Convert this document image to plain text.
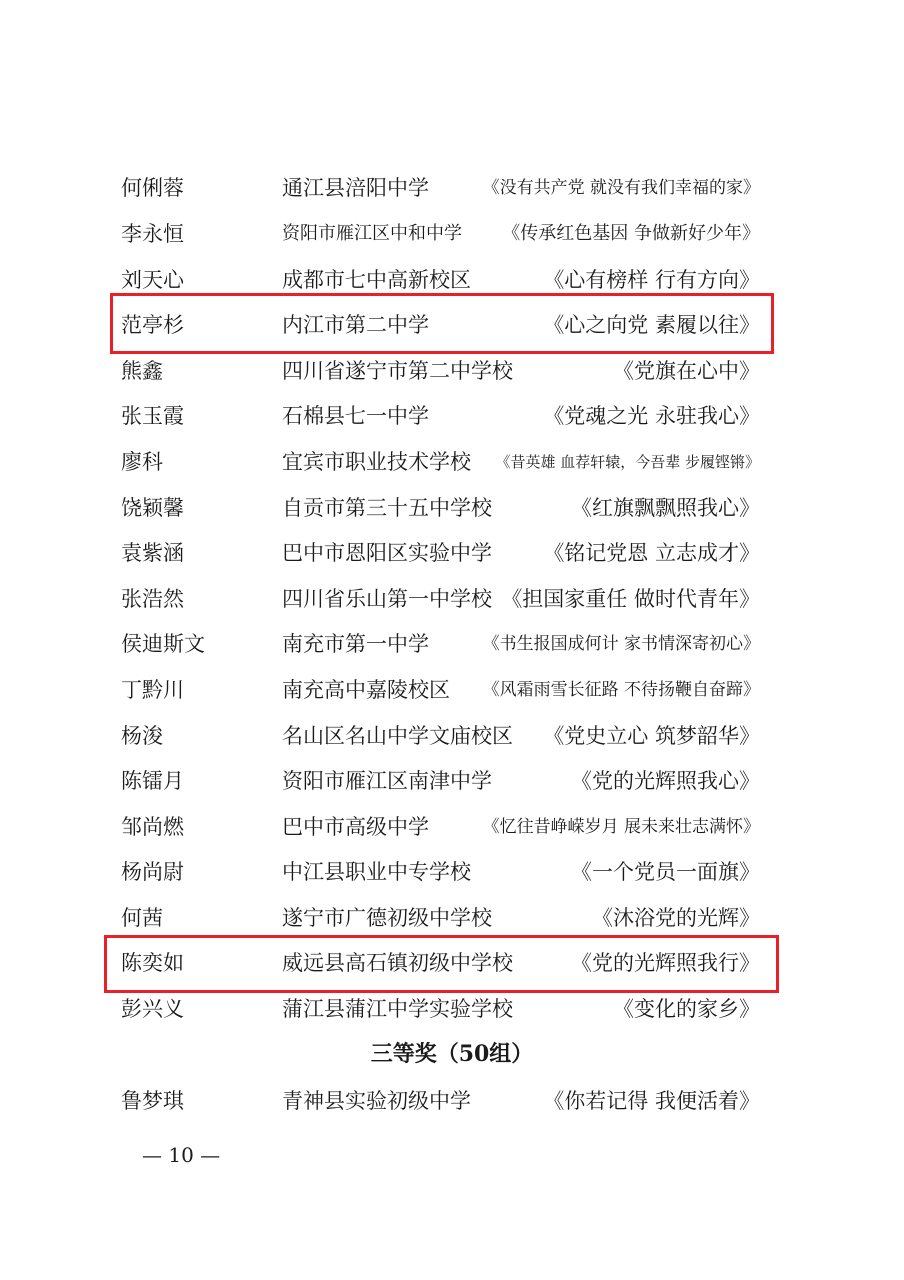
何俐蓉	通江县涪阳中学	《没有共产党 就没有我们幸福的家》
李永恒	资阳市雁江区中和中学 《传承红色基因 争做新好少年》
刘天心	成都市七中高新校区	《心有榜样 行有方向》
范亭杉	内江市第二中学	《心之向党 素履以往》
熊鑫	四川省遂宁市第二中学校	《党旗在心中》
张玉霞	石棉县七一中学	《党魂之光 永驻我心》
廖科	宜宾市职业技术学校 《昔英雄 血荐轩辕，今吾辈 步履铿锵》
饶颖馨	自贡市第三十五中学校	《红旗飘飘照我心》
袁紫涵	巴中市恩阳区实验中学 《铭记党恩 立志成才》
张浩然	四川省乐山第一中学校 《担国家重任 做时代青年》
侯迪斯文	南充市第一中学	《书生报国成何计 家书情深寄初心》
丁黔川	南充高中嘉陵校区 《风霜雨雪长征路 不待扬鞭自奋蹄》
杨浚	名山区名山中学文庙校区 《党史立心 筑梦韶华》
陈镭月	资阳市雁江区南津中学	《党的光辉照我心》
邹尚燃	巴中市高级中学	《忆往昔峥嵘岁月 展未来壮志满怀》
杨尚尉	中江县职业中专学校	《一个党员一面旗》
何茜	遂宁市广德初级中学校	《沐浴党的光辉》
陈奕如	威远县高石镇初级中学校	《党的光辉照我行》
彭兴义	蒲江县蒲江中学实验学校	《变化的家乡》
三等奖（50组）
鲁梦琪	青神县实验初级中学	《你若记得 我便活着》
— 10 —
